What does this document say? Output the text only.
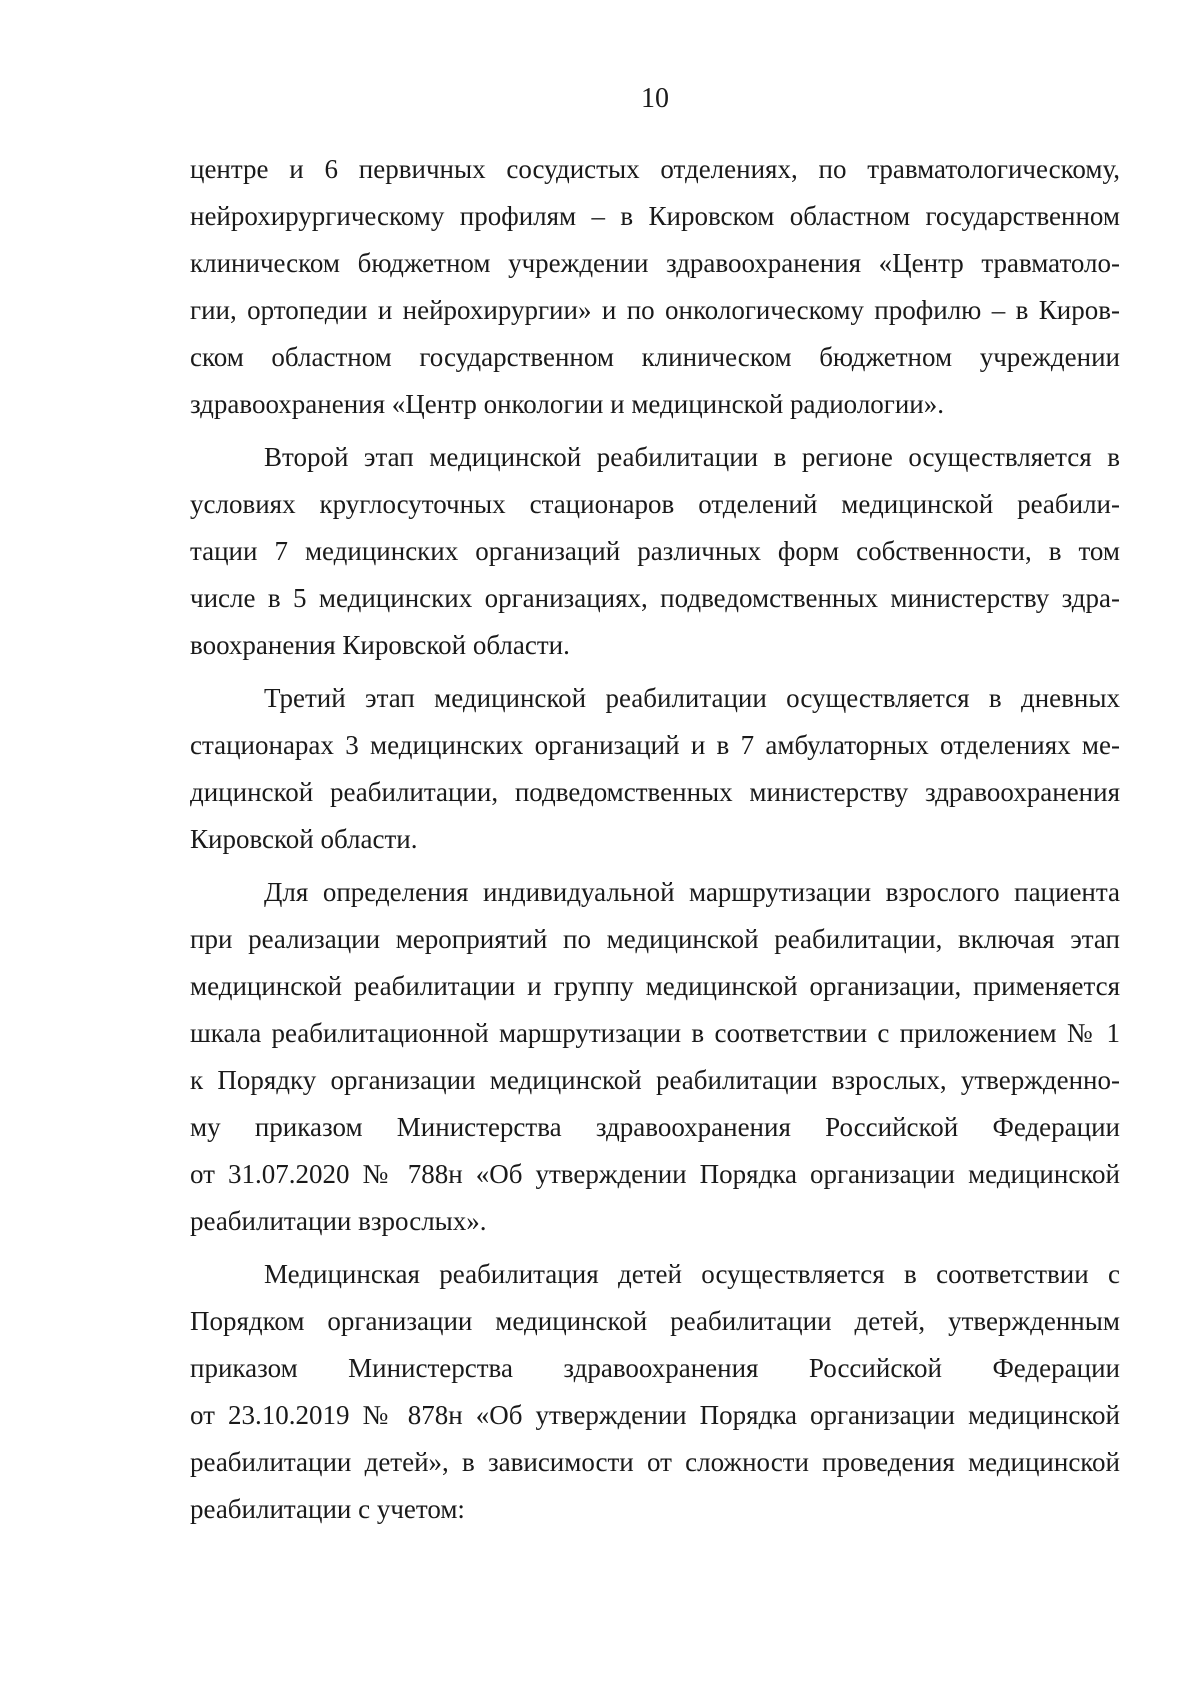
10
центре и 6 первичных сосудистых отделениях, по травматологическому,
нейрохирургическому профилям – в Кировском областном государственном
клиническом бюджетном учреждении здравоохранения «Центр травматоло-
гии, ортопедии и нейрохирургии» и по онкологическому профилю – в Киров-
ском областном государственном клиническом бюджетном учреждении
здравоохранения «Центр онкологии и медицинской радиологии».
Второй этап медицинской реабилитации в регионе осуществляется в
условиях круглосуточных стационаров отделений медицинской реабили-
тации 7 медицинских организаций различных форм собственности, в том
числе в 5 медицинских организациях, подведомственных министерству здра-
воохранения Кировской области.
Третий этап медицинской реабилитации осуществляется в дневных
стационарах 3 медицинских организаций и в 7 амбулаторных отделениях ме-
дицинской реабилитации, подведомственных министерству здравоохранения
Кировской области.
Для определения индивидуальной маршрутизации взрослого пациента
при реализации мероприятий по медицинской реабилитации, включая этап
медицинской реабилитации и группу медицинской организации, применяется
шкала реабилитационной маршрутизации в соответствии с приложением № 1
к Порядку организации медицинской реабилитации взрослых, утвержденно-
му приказом Министерства здравоохранения Российской Федерации
от 31.07.2020 № 788н «Об утверждении Порядка организации медицинской
реабилитации взрослых».
Медицинская реабилитация детей осуществляется в соответствии с
Порядком организации медицинской реабилитации детей, утвержденным
приказом Министерства здравоохранения Российской Федерации
от 23.10.2019 № 878н «Об утверждении Порядка организации медицинской
реабилитации детей», в зависимости от сложности проведения медицинской
реабилитации с учетом:
